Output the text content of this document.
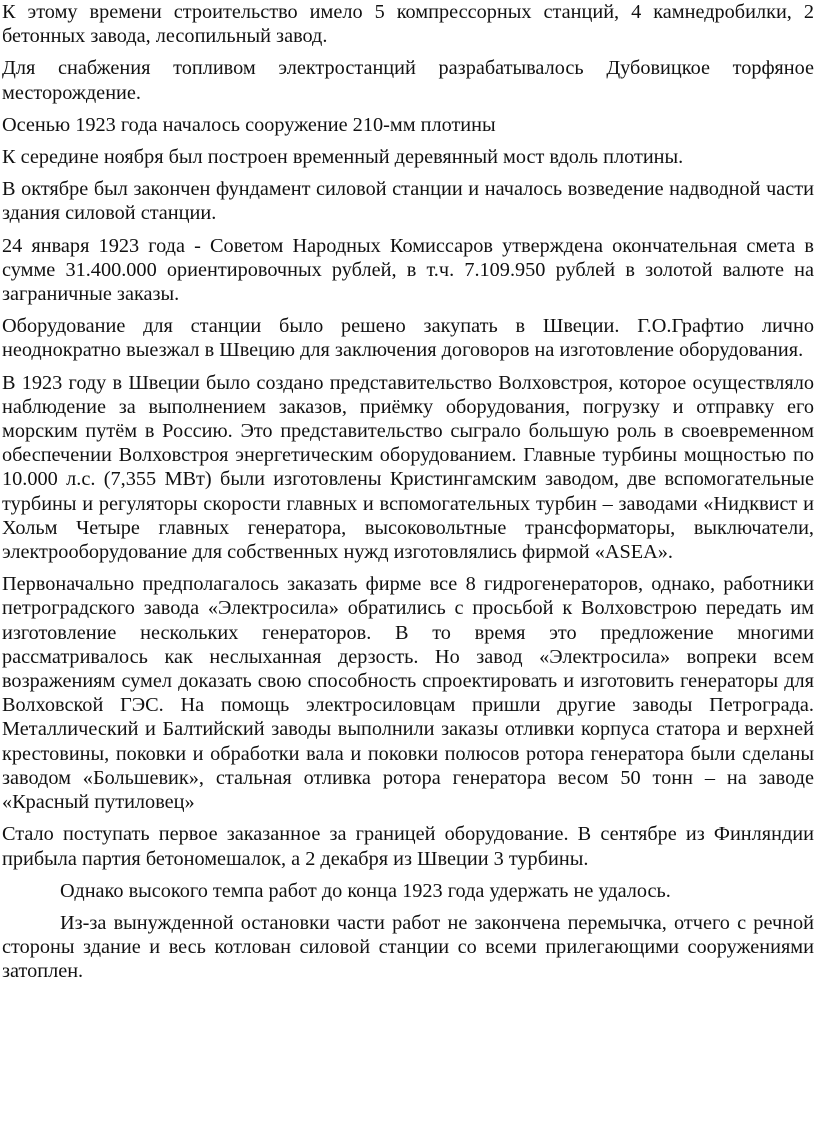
К этому времени строительство имело 5 компрессорных станций, 4 камнедробилки, 2 бетонных завода, лесопильный завод.

Для снабжения топливом электростанций разрабатывалось Дубовицкое торфяное месторождение.

Осенью 1923 года началось сооружение 210-мм плотины

К середине ноября был построен временный деревянный мост вдоль плотины.

В октябре был закончен фундамент силовой станции и началось возведение надводной части здания силовой станции.

24 января 1923 года - Советом Народных Комиссаров утверждена окончательная смета в сумме 31.400.000 ориентировочных рублей, в т.ч. 7.109.950 рублей в золотой валюте на заграничные заказы.

Оборудование для станции было решено закупать в Швеции. Г.О.Графтио лично неоднократно выезжал в Швецию для заключения договоров на изготовление оборудования.

В 1923 году в Швеции было создано представительство Волховстроя, которое осуществляло наблюдение за выполнением заказов, приёмку оборудования, погрузку и отправку его морским путём в Россию. Это представительство сыграло большую роль в своевременном обеспечении Волховстроя энергетическим оборудованием. Главные турбины мощностью по 10.000 л.с. (7,355 МВт) были изготовлены Кристингамским заводом, две вспомогательные турбины и регуляторы скорости главных и вспомогательных турбин – заводами «Нидквист и Хольм Четыре главных генератора, высоковольтные трансформаторы, выключатели, электрооборудование для собственных нужд изготовлялись фирмой «ASEA».

Первоначально предполагалось заказать фирме все 8 гидрогенераторов, однако, работники петроградского завода «Электросила» обратились с просьбой к Волховстрою передать им изготовление нескольких генераторов. В то время это предложение многими рассматривалось как неслыханная дерзость. Но завод «Электросила» вопреки всем возражениям сумел доказать свою способность спроектировать и изготовить генераторы для Волховской ГЭС. На помощь электросиловцам пришли другие заводы Петрограда. Металлический и Балтийский заводы выполнили заказы отливки корпуса статора и верхней крестовины, поковки и обработки вала и поковки полюсов ротора генератора были сделаны заводом «Большевик», стальная отливка ротора генератора весом 50 тонн – на заводе «Красный путиловец»

Стало поступать первое заказанное за границей оборудование. В сентябре из Финляндии прибыла партия бетономешалок, а 2 декабря из Швеции 3 турбины.

Однако высокого темпа работ до конца 1923 года удержать не удалось.

Из-за вынужденной остановки части работ не закончена перемычка, отчего с речной стороны здание и весь котлован силовой станции со всеми прилегающими сооружениями затоплен.
